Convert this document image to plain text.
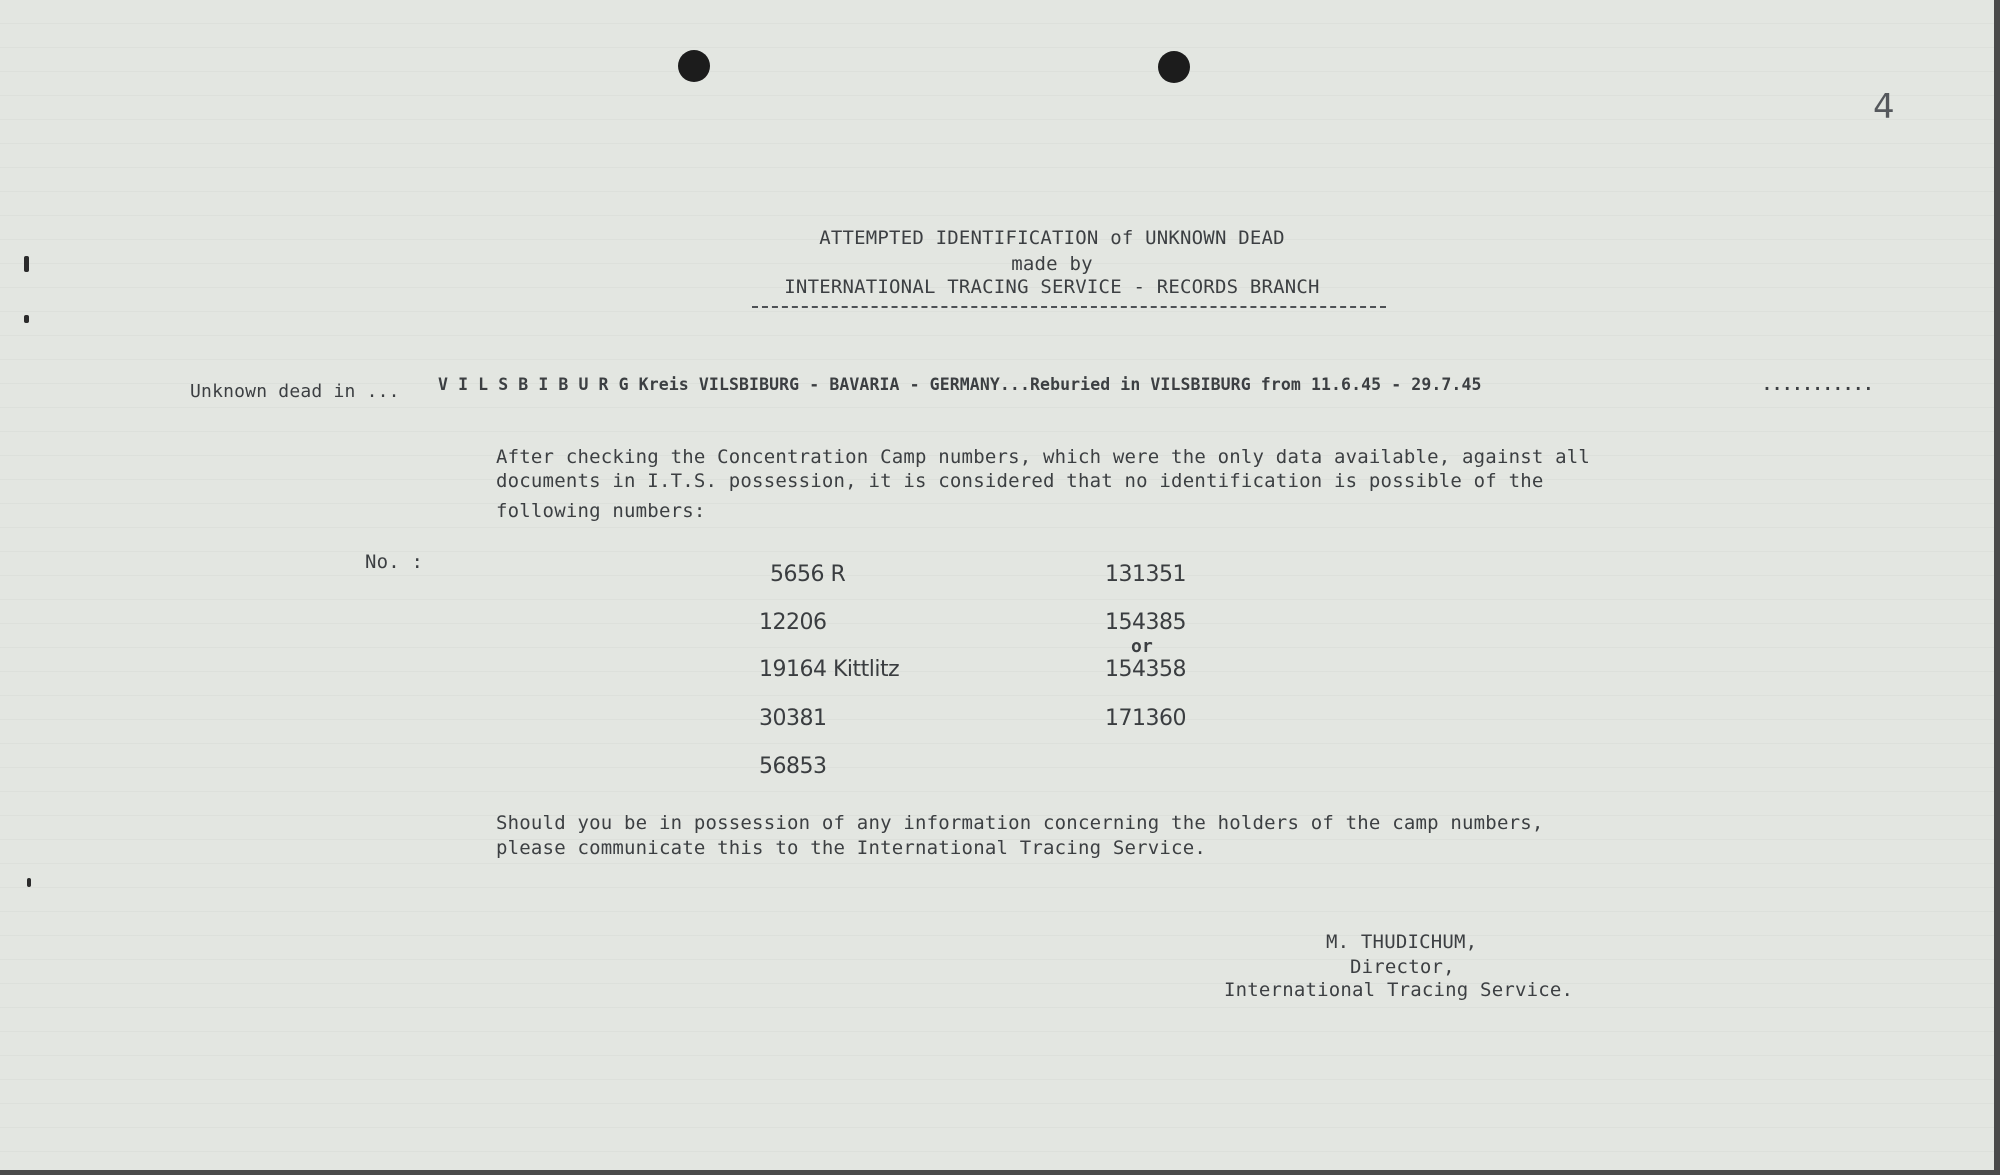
4
ATTEMPTED IDENTIFICATION of UNKNOWN DEAD
made by
INTERNATIONAL TRACING SERVICE - RECORDS BRANCH
Unknown dead in ... V I L S B I B U R G Kreis VILSBIBURG - BAVARIA - GERMANY...Reburied in VILSBIBURG from 11.6.45 - 29.7.45	...........
After checking the Concentration Camp numbers, which were the only data available, against all
documents in I.T.S. possession, it is considered that no identification is possible of the
following numbers:
No. :	5656 R
12206
19164 Kittlitz
30381
56853
131351
154385
or
154358
171360
Should you be in possession of any information concerning the holders of the camp numbers,
please communicate this to the International Tracing Service.
M. THUDICHUM,
Director,
International Tracing Service.
